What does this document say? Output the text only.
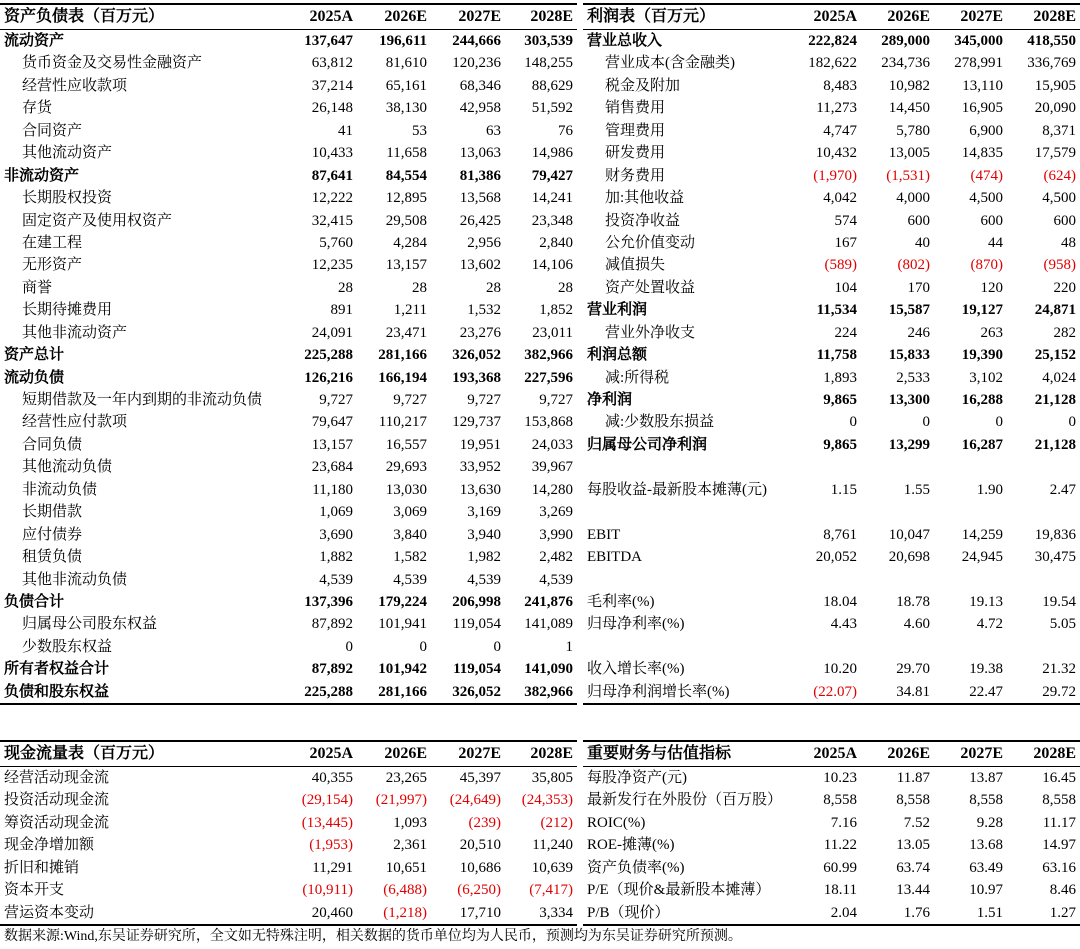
资产负债表（百万元）	2025A	2026E	2027E	2028E
流动资产	137,647	196,611	244,666	303,539
货币资金及交易性金融资产	63,812	81,610	120,236	148,255
经营性应收款项	37,214	65,161	68,346	88,629
存货	26,148	38,130	42,958	51,592
合同资产	41	53	63	76
其他流动资产	10,433	11,658	13,063	14,986
非流动资产	87,641	84,554	81,386	79,427
长期股权投资	12,222	12,895	13,568	14,241
固定资产及使用权资产	32,415	29,508	26,425	23,348
在建工程	5,760	4,284	2,956	2,840
无形资产	12,235	13,157	13,602	14,106
商誉	28	28	28	28
长期待摊费用	891	1,211	1,532	1,852
其他非流动资产	24,091	23,471	23,276	23,011
资产总计	225,288	281,166	326,052	382,966
流动负债	126,216	166,194	193,368	227,596
短期借款及一年内到期的非流动负债	9,727	9,727	9,727	9,727
经营性应付款项	79,647	110,217	129,737	153,868
合同负债	13,157	16,557	19,951	24,033
其他流动负债	23,684	29,693	33,952	39,967
非流动负债	11,180	13,030	13,630	14,280
长期借款	1,069	3,069	3,169	3,269
应付债券	3,690	3,840	3,940	3,990
租赁负债	1,882	1,582	1,982	2,482
其他非流动负债	4,539	4,539	4,539	4,539
负债合计	137,396	179,224	206,998	241,876
归属母公司股东权益	87,892	101,941	119,054	141,089
少数股东权益	0	0	0	1
所有者权益合计	87,892	101,942	119,054	141,090
负债和股东权益	225,288	281,166	326,052	382,966
利润表（百万元）	2025A	2026E	2027E	2028E
营业总收入	222,824	289,000	345,000	418,550
营业成本(含金融类)	182,622	234,736	278,991	336,769
税金及附加	8,483	10,982	13,110	15,905
销售费用	11,273	14,450	16,905	20,090
管理费用	4,747	5,780	6,900	8,371
研发费用	10,432	13,005	14,835	17,579
财务费用	(1,970)	(1,531)	(474)	(624)
加:其他收益	4,042	4,000	4,500	4,500
投资净收益	574	600	600	600
公允价值变动	167	40	44	48
减值损失	(589)	(802)	(870)	(958)
资产处置收益	104	170	120	220
营业利润	11,534	15,587	19,127	24,871
营业外净收支	224	246	263	282
利润总额	11,758	15,833	19,390	25,152
减:所得税	1,893	2,533	3,102	4,024
净利润	9,865	13,300	16,288	21,128
减:少数股东损益	0	0	0	0
归属母公司净利润	9,865	13,299	16,287	21,128
每股收益-最新股本摊薄(元)	1.15	1.55	1.90	2.47
EBIT	8,761	10,047	14,259	19,836
EBITDA	20,052	20,698	24,945	30,475
毛利率(%)	18.04	18.78	19.13	19.54
归母净利率(%)	4.43	4.60	4.72	5.05
收入增长率(%)	10.20	29.70	19.38	21.32
归母净利润增长率(%)	(22.07)	34.81	22.47	29.72
现金流量表（百万元）	2025A	2026E	2027E	2028E
经营活动现金流	40,355	23,265	45,397	35,805
投资活动现金流	(29,154)	(21,997)	(24,649)	(24,353)
筹资活动现金流	(13,445)	1,093	(239)	(212)
现金净增加额	(1,953)	2,361	20,510	11,240
折旧和摊销	11,291	10,651	10,686	10,639
资本开支	(10,911)	(6,488)	(6,250)	(7,417)
营运资本变动	20,460	(1,218)	17,710	3,334
重要财务与估值指标	2025A	2026E	2027E	2028E
每股净资产(元)	10.23	11.87	13.87	16.45
最新发行在外股份（百万股）	8,558	8,558	8,558	8,558
ROIC(%)	7.16	7.52	9.28	11.17
ROE-摊薄(%)	11.22	13.05	13.68	14.97
资产负债率(%)	60.99	63.74	63.49	63.16
P/E（现价&最新股本摊薄）	18.11	13.44	10.97	8.46
P/B（现价）	2.04	1.76	1.51	1.27
数据来源:Wind,东吴证券研究所，全文如无特殊注明，相关数据的货币单位均为人民币，预测均为东吴证券研究所预测。
